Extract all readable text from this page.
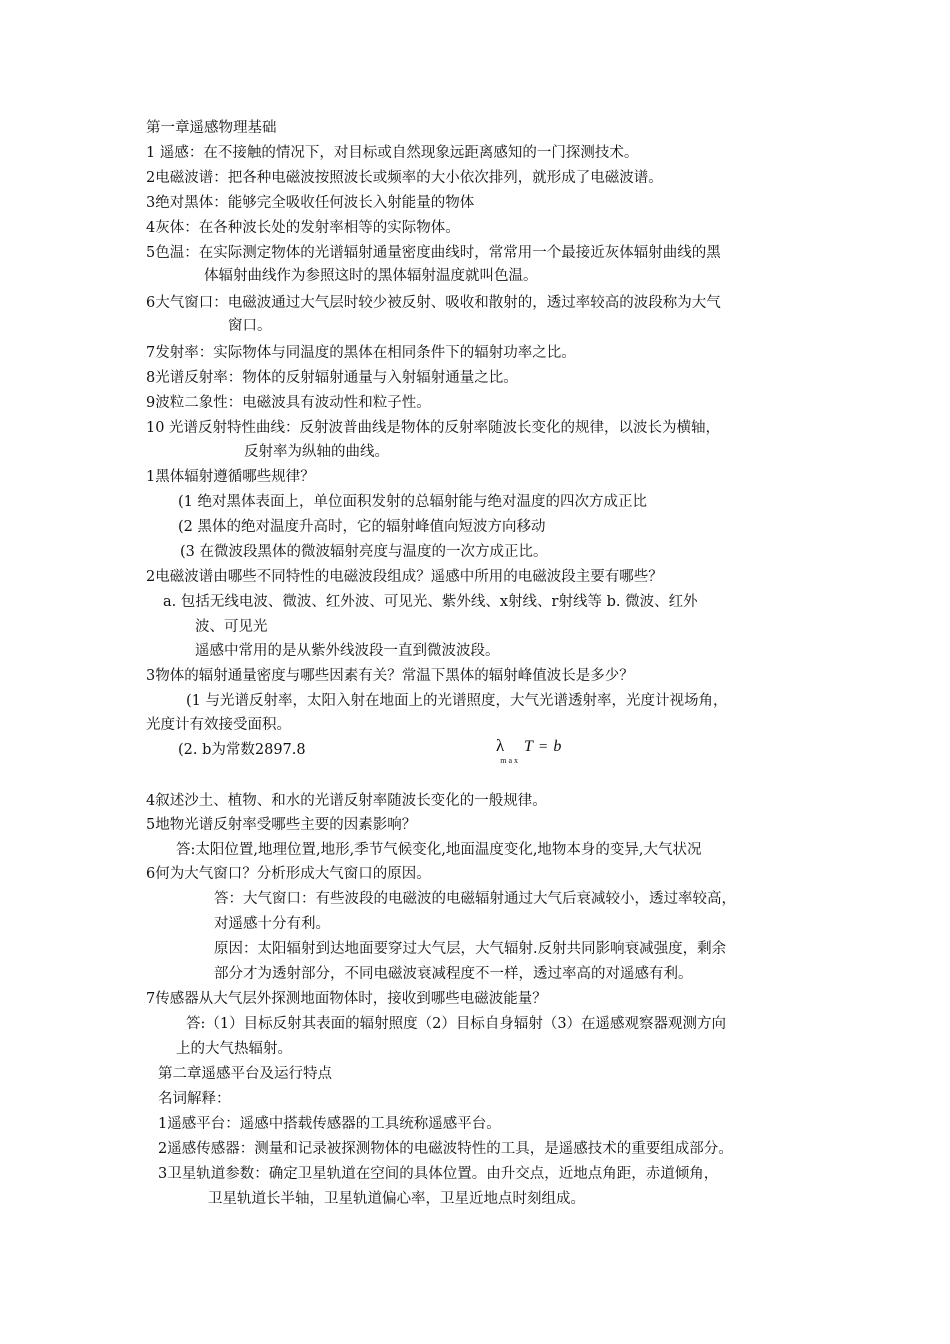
第一章遥感物理基础

1 遥感：在不接触的情况下，对目标或自然现象远距离感知的一门探测技术。

2电磁波谱：把各种电磁波按照波长或频率的大小依次排列，就形成了电磁波谱。

3绝对黑体：能够完全吸收任何波长入射能量的物体

4灰体：在各种波长处的发射率相等的实际物体。

5色温：在实际测定物体的光谱辐射通量密度曲线时，常常用一个最接近灰体辐射曲线的黑

体辐射曲线作为参照这时的黑体辐射温度就叫色温。

6大气窗口：电磁波通过大气层时较少被反射、吸收和散射的，透过率较高的波段称为大气

窗口。

7发射率：实际物体与同温度的黑体在相同条件下的辐射功率之比。

8光谱反射率：物体的反射辐射通量与入射辐射通量之比。

9波粒二象性：电磁波具有波动性和粒子性。

10 光谱反射特性曲线：反射波普曲线是物体的反射率随波长变化的规律，以波长为横轴，

反射率为纵轴的曲线。

1黑体辐射遵循哪些规律？

(1 绝对黑体表面上，单位面积发射的总辐射能与绝对温度的四次方成正比

(2 黑体的绝对温度升高时，它的辐射峰值向短波方向移动

(3 在微波段黑体的微波辐射亮度与温度的一次方成正比。

2电磁波谱由哪些不同特性的电磁波段组成？遥感中所用的电磁波段主要有哪些？

a. 包括无线电波、微波、红外波、可见光、紫外线、x射线、r射线等 b. 微波、红外

波、可见光

遥感中常用的是从紫外线波段一直到微波波段。

3物体的辐射通量密度与哪些因素有关？常温下黑体的辐射峰值波长是多少？

(1 与光谱反射率，太阳入射在地面上的光谱照度，大气光谱透射率，光度计视场角，

光度计有效接受面积。

(2. b为常数2897.8	$\lambda_{max}T = b$

4叙述沙土、植物、和水的光谱反射率随波长变化的一般规律。

5地物光谱反射率受哪些主要的因素影响？

答:太阳位置,地理位置,地形,季节气候变化,地面温度变化,地物本身的变异,大气状况

6何为大气窗口？分析形成大气窗口的原因。

答：大气窗口：有些波段的电磁波的电磁辐射通过大气后衰减较小，透过率较高，

对遥感十分有利。

原因：太阳辐射到达地面要穿过大气层，大气辐射.反射共同影响衰减强度，剩余

部分才为透射部分，不同电磁波衰减程度不一样，透过率高的对遥感有利。

7传感器从大气层外探测地面物体时，接收到哪些电磁波能量？

答:（1）目标反射其表面的辐射照度（2）目标自身辐射（3）在遥感观察器观测方向

上的大气热辐射。

第二章遥感平台及运行特点

名词解释：

1遥感平台：遥感中搭载传感器的工具统称遥感平台。

2遥感传感器：测量和记录被探测物体的电磁波特性的工具，是遥感技术的重要组成部分。

3卫星轨道参数：确定卫星轨道在空间的具体位置。由升交点，近地点角距，赤道倾角，

卫星轨道长半轴，卫星轨道偏心率，卫星近地点时刻组成。
